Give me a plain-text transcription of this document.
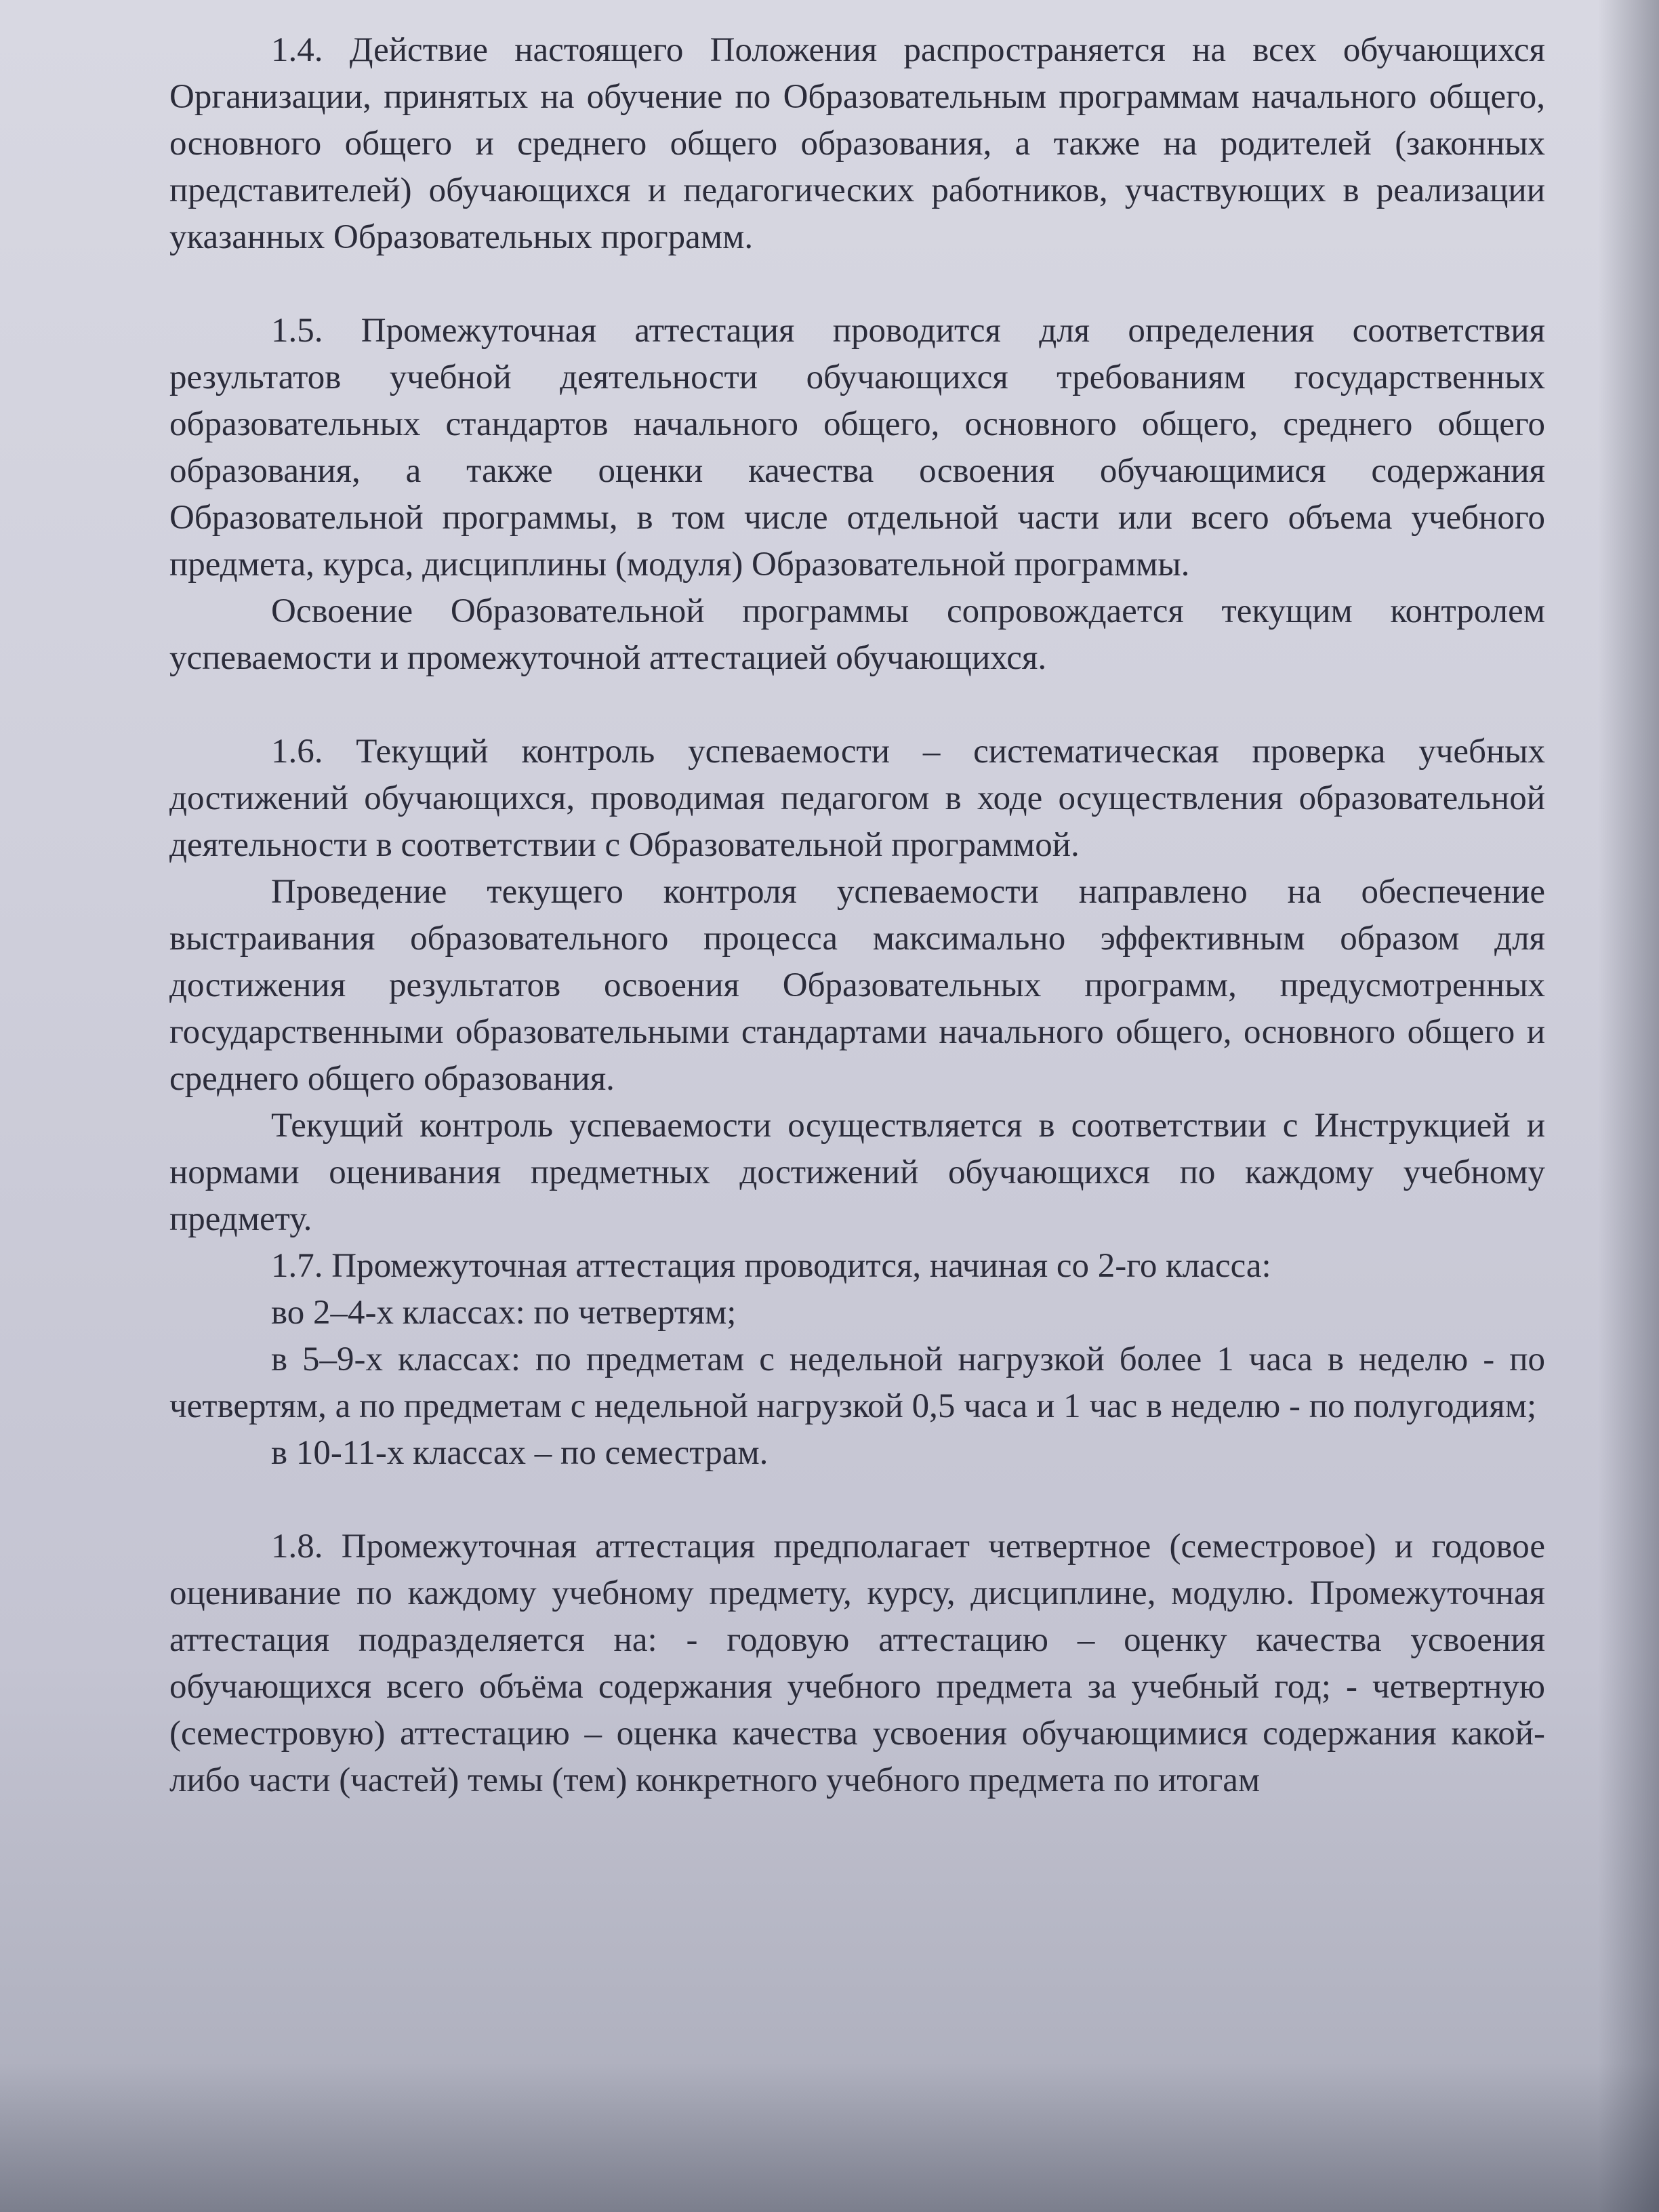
1.4. Действие настоящего Положения распространяется на всех обучающихся Организации, принятых на обучение по Образовательным программам начального общего, основного общего и среднего общего образования, а также на родителей (законных представителей) обучающихся и педагогических работников, участвующих в реализации указанных Образовательных программ.

1.5. Промежуточная аттестация проводится для определения соответствия результатов учебной деятельности обучающихся требованиям государственных образовательных стандартов начального общего, основного общего, среднего общего образования, а также оценки качества освоения обучающимися содержания Образовательной программы, в том числе отдельной части или всего объема учебного предмета, курса, дисциплины (модуля) Образовательной программы.

Освоение Образовательной программы сопровождается текущим контролем успеваемости и промежуточной аттестацией обучающихся.

1.6. Текущий контроль успеваемости – систематическая проверка учебных достижений обучающихся, проводимая педагогом в ходе осуществления образовательной деятельности в соответствии с Образовательной программой.

Проведение текущего контроля успеваемости направлено на обеспечение выстраивания образовательного процесса максимально эффективным образом для достижения результатов освоения Образовательных программ, предусмотренных государственными образовательными стандартами начального общего, основного общего и среднего общего образования.

Текущий контроль успеваемости осуществляется в соответствии с Инструкцией и нормами оценивания предметных достижений обучающихся по каждому учебному предмету.

1.7. Промежуточная аттестация проводится, начиная со 2-го класса:

во 2–4-х классах: по четвертям;

в 5–9-х классах: по предметам с недельной нагрузкой более 1 часа в неделю - по четвертям, а по предметам с недельной нагрузкой 0,5 часа и 1 час в неделю - по полугодиям;

в 10-11-х классах – по семестрам.

1.8. Промежуточная аттестация предполагает четвертное (семестровое) и годовое оценивание по каждому учебному предмету, курсу, дисциплине, модулю. Промежуточная аттестация подразделяется на: - годовую аттестацию – оценку качества усвоения обучающихся всего объёма содержания учебного предмета за учебный год; - четвертную (семестровую) аттестацию – оценка качества усвоения обучающимися содержания какой-либо части (частей) темы (тем) конкретного учебного предмета по итогам
